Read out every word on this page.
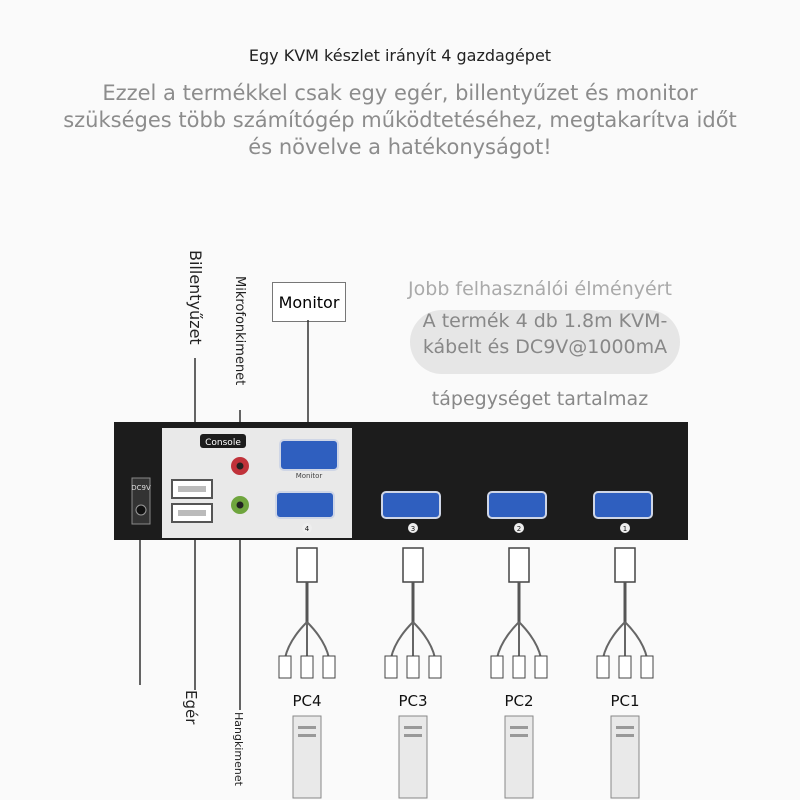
Egy KVM készlet irányít 4 gazdagépet
Ezzel a termékkel csak egy egér, billentyűzet és monitor szükséges több számítógép működtetéséhez, megtakarítva időt és növelve a hatékonyságot!
Billentyűzet Mikrofonkimenet
Egér
Hangkimenet
Monitor
Jobb felhasználói élményért
A termék 4 db 1.8m KVM-kábelt és DC9V@1000mA
tápegységet tartalmaz
Console
Monitor
DC9V
4	3	2	1
PC4	PC3	PC2	PC1
